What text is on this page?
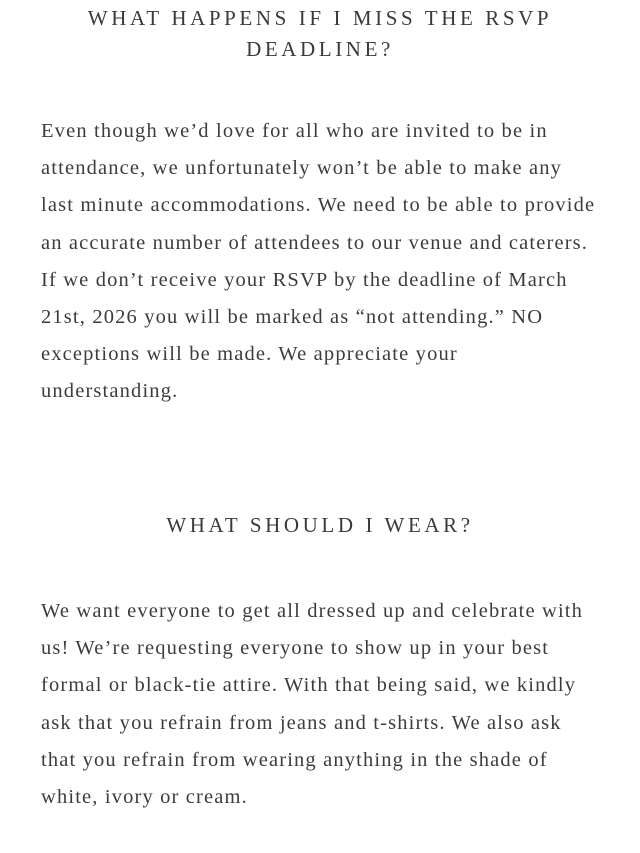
WHAT HAPPENS IF I MISS THE RSVP DEADLINE?

Even though we’d love for all who are invited to be in attendance, we unfortunately won’t be able to make any last minute accommodations. We need to be able to provide an accurate number of attendees to our venue and caterers. If we don’t receive your RSVP by the deadline of March 21st, 2026 you will be marked as “not attending.” NO exceptions will be made. We appreciate your understanding.

WHAT SHOULD I WEAR?

We want everyone to get all dressed up and celebrate with us! We’re requesting everyone to show up in your best formal or black-tie attire. With that being said, we kindly ask that you refrain from jeans and t-shirts. We also ask that you refrain from wearing anything in the shade of white, ivory or cream.
